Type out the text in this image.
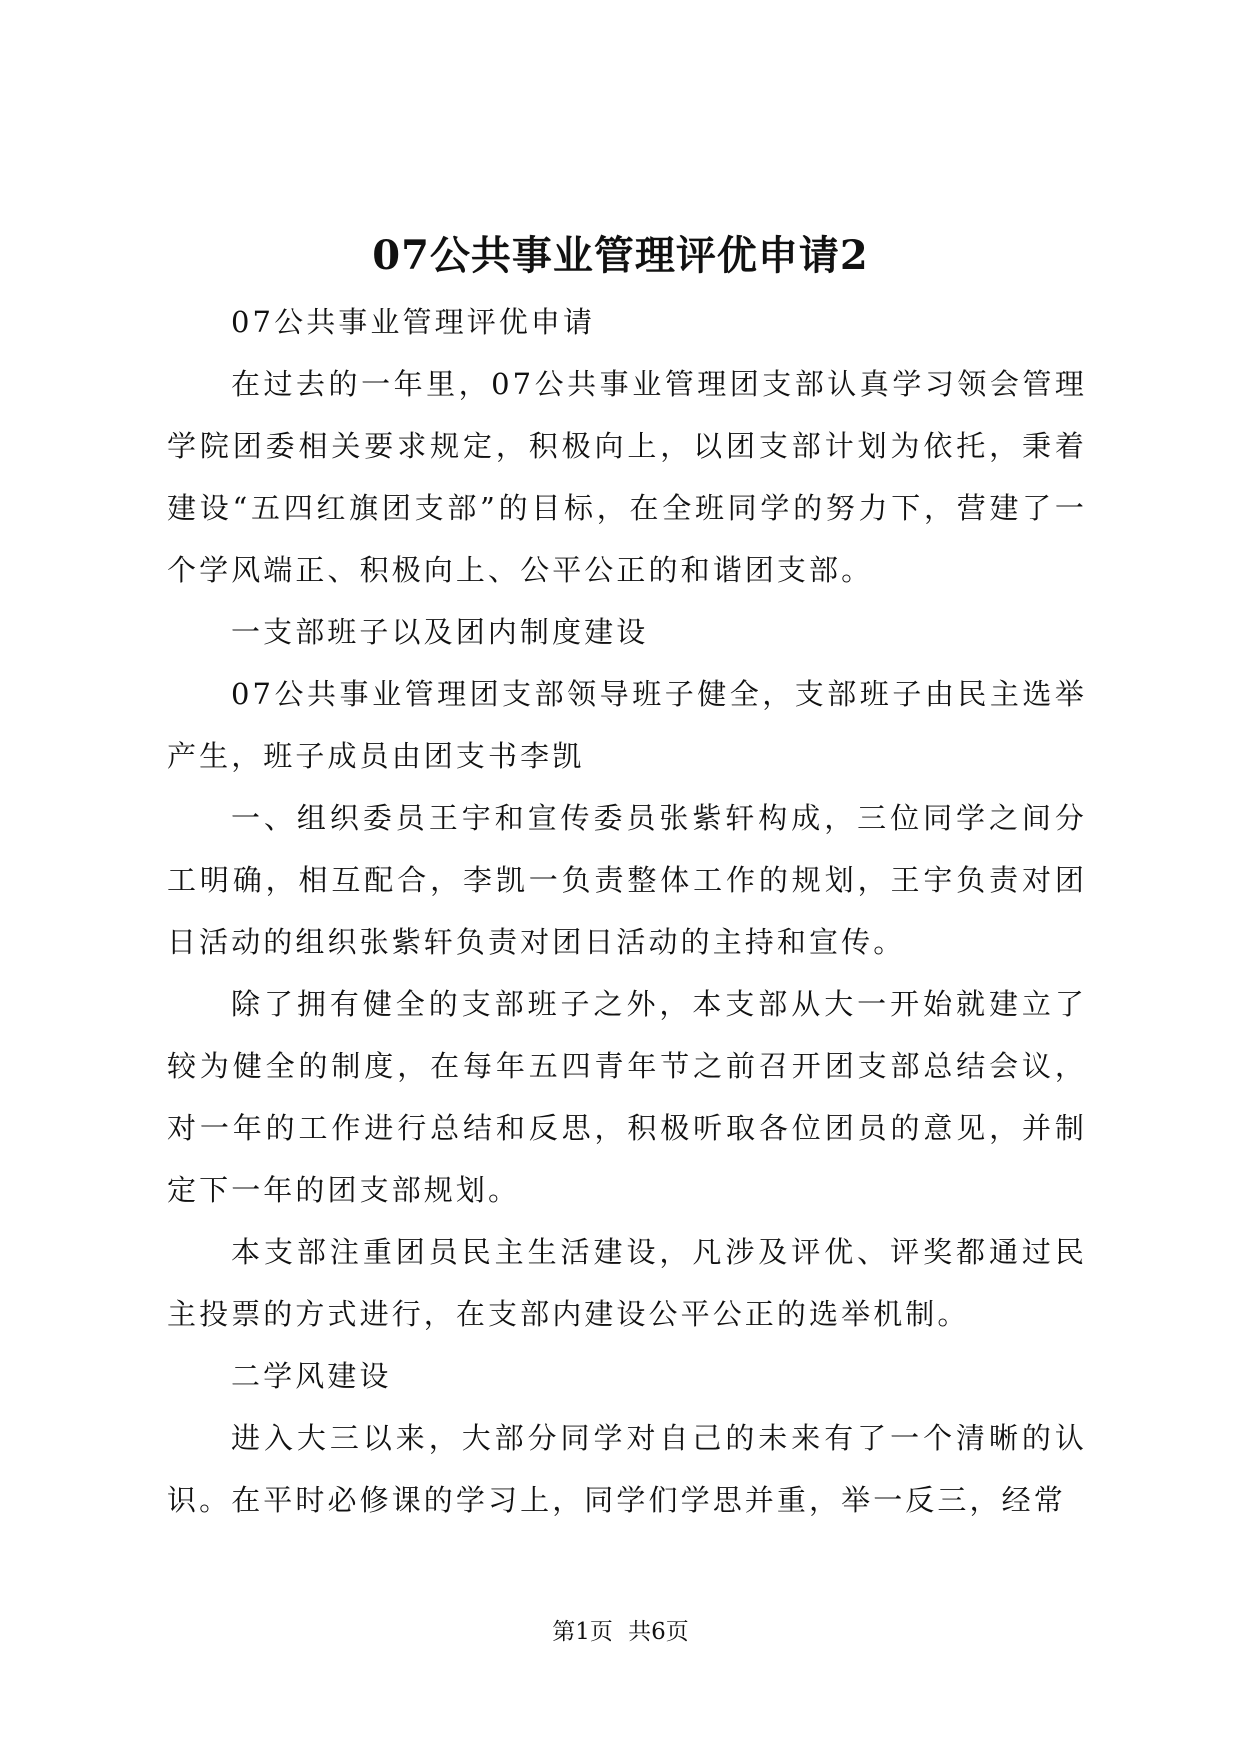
07公共事业管理评优申请2

07公共事业管理评优申请

在过去的一年里，07公共事业管理团支部认真学习领会管理学院团委相关要求规定，积极向上，以团支部计划为依托，秉着建设“五四红旗团支部”的目标，在全班同学的努力下，营建了一个学风端正、积极向上、公平公正的和谐团支部。

一支部班子以及团内制度建设

07公共事业管理团支部领导班子健全，支部班子由民主选举产生，班子成员由团支书李凯

一、组织委员王宇和宣传委员张紫轩构成，三位同学之间分工明确，相互配合，李凯一负责整体工作的规划，王宇负责对团日活动的组织张紫轩负责对团日活动的主持和宣传。

除了拥有健全的支部班子之外，本支部从大一开始就建立了较为健全的制度，在每年五四青年节之前召开团支部总结会议，对一年的工作进行总结和反思，积极听取各位团员的意见，并制定下一年的团支部规划。

本支部注重团员民主生活建设，凡涉及评优、评奖都通过民主投票的方式进行，在支部内建设公平公正的选举机制。

二学风建设

进入大三以来，大部分同学对自己的未来有了一个清晰的认识。在平时必修课的学习上，同学们学思并重，举一反三，经常

第1页 共6页
